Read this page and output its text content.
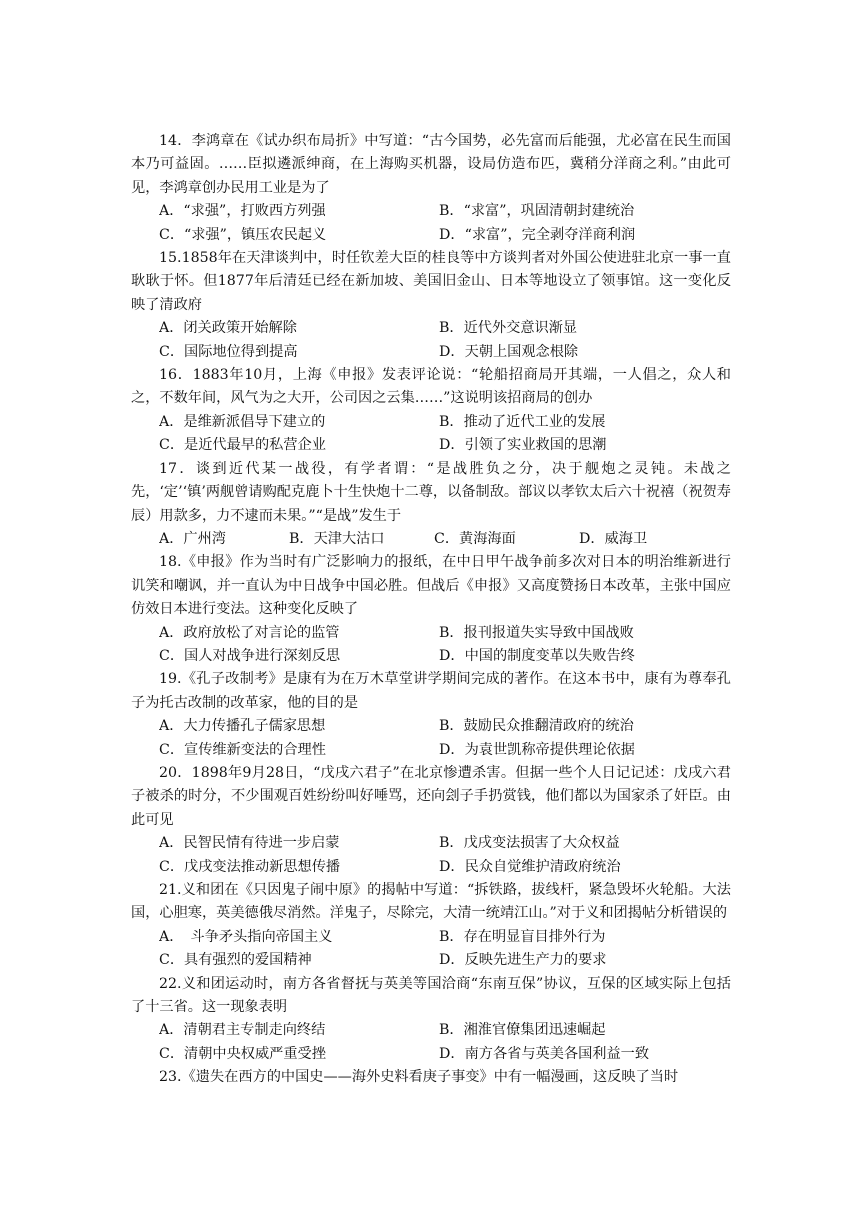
14．李鸿章在《试办织布局折》中写道：“古今国势，必先富而后能强，尤必富在民生而国本乃可益固。……臣拟遴派绅商，在上海购买机器，设局仿造布匹，冀稍分洋商之利。”由此可见，李鸿章创办民用工业是为了

A．“求强”，打败西方列强	B．“求富”，巩固清朝封建统治
C．“求强”，镇压农民起义	D．“求富”，完全剥夺洋商利润

15.1858年在天津谈判中，时任钦差大臣的桂良等中方谈判者对外国公使进驻北京一事一直耿耿于怀。但1877年后清廷已经在新加坡、美国旧金山、日本等地设立了领事馆。这一变化反映了清政府

A．闭关政策开始解除	B．近代外交意识渐显
C．国际地位得到提高	D．天朝上国观念根除

16．1883年10月，上海《申报》发表评论说：“轮船招商局开其端，一人倡之，众人和之，不数年间，风气为之大开，公司因之云集……”这说明该招商局的创办

A．是维新派倡导下建立的	B．推动了近代工业的发展
C．是近代最早的私营企业	D．引领了实业救国的思潮

17．谈到近代某一战役，有学者谓：“是战胜负之分，决于舰炮之灵钝。未战之先，‘定’‘镇’两舰曾请购配克鹿卜十生快炮十二尊，以备制敌。部议以孝钦太后六十祝禧（祝贺寿辰）用款多，力不逮而未果。”“是战”发生于

A．广州湾	B．天津大沽口	C．黄海海面	D．威海卫

18.《申报》作为当时有广泛影响力的报纸，在中日甲午战争前多次对日本的明治维新进行讥笑和嘲讽，并一直认为中日战争中国必胜。但战后《申报》又高度赞扬日本改革，主张中国应仿效日本进行变法。这种变化反映了

A．政府放松了对言论的监管	B．报刊报道失实导致中国战败
C．国人对战争进行深刻反思	D．中国的制度变革以失败告终

19.《孔子改制考》是康有为在万木草堂讲学期间完成的著作。在这本书中，康有为尊奉孔子为托古改制的改革家，他的目的是

A．大力传播孔子儒家思想	B．鼓励民众推翻清政府的统治
C．宣传维新变法的合理性	D．为袁世凯称帝提供理论依据

20．1898年9月28日，“戊戌六君子”在北京惨遭杀害。但据一些个人日记记述：戊戌六君子被杀的时分，不少围观百姓纷纷叫好唾骂，还向刽子手扔赏钱，他们都以为国家杀了奸臣。由此可见

A．民智民情有待进一步启蒙	B．戊戌变法损害了大众权益
C．戊戌变法推动新思想传播	D．民众自觉维护清政府统治

21.义和团在《只因鬼子闹中原》的揭帖中写道：“拆铁路，拔线杆，紧急毁坏火轮船。大法国，心胆寒，英美德俄尽消然。洋鬼子，尽除完，大清一统靖江山。”对于义和团揭帖分析错误的

A．　斗争矛头指向帝国主义	B．存在明显盲目排外行为
C．具有强烈的爱国精神	D．反映先进生产力的要求

22.义和团运动时，南方各省督抚与英美等国洽商“东南互保”协议，互保的区域实际上包括了十三省。这一现象表明

A．清朝君主专制走向终结	B．湘淮官僚集团迅速崛起
C．清朝中央权威严重受挫	D．南方各省与英美各国利益一致

23.《遗失在西方的中国史——海外史料看庚子事变》中有一幅漫画，这反映了当时
